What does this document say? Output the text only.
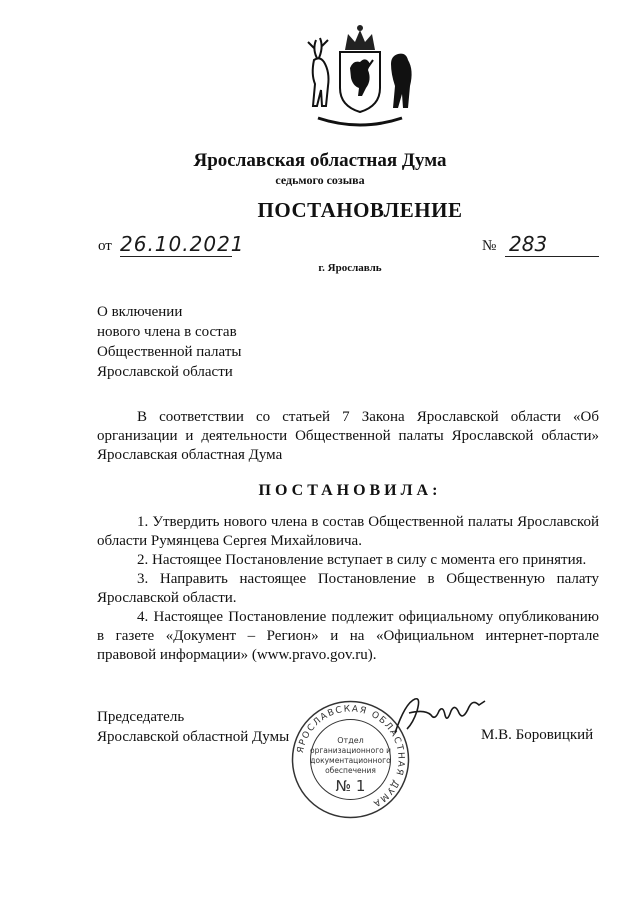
Ярославская областная Дума
седьмого созыва
ПОСТАНОВЛЕНИЕ
от 26.10.2021	№ 283
г. Ярославль
О включении
нового члена в состав
Общественной палаты
Ярославской области

В соответствии со статьей 7 Закона Ярославской области «Об организации и деятельности Общественной палаты Ярославской области» Ярославская областная Дума

ПОСТАНОВИЛА:

1. Утвердить нового члена в состав Общественной палаты Ярославской области Румянцева Сергея Михайловича.

2. Настоящее Постановление вступает в силу с момента его принятия.

3. Направить настоящее Постановление в Общественную палату Ярославской области.

4. Настоящее Постановление подлежит официальному опубликованию в газете «Документ – Регион» и на «Официальном интернет-портале правовой информации» (www.pravo.gov.ru).

Председатель
Ярославской областной Думы	М.В. Боровицкий
ЯРОСЛАВСКАЯ ОБЛАСТНАЯ ДУМА
Отдел
организационного и
документационного
обеспечения
№ 1
